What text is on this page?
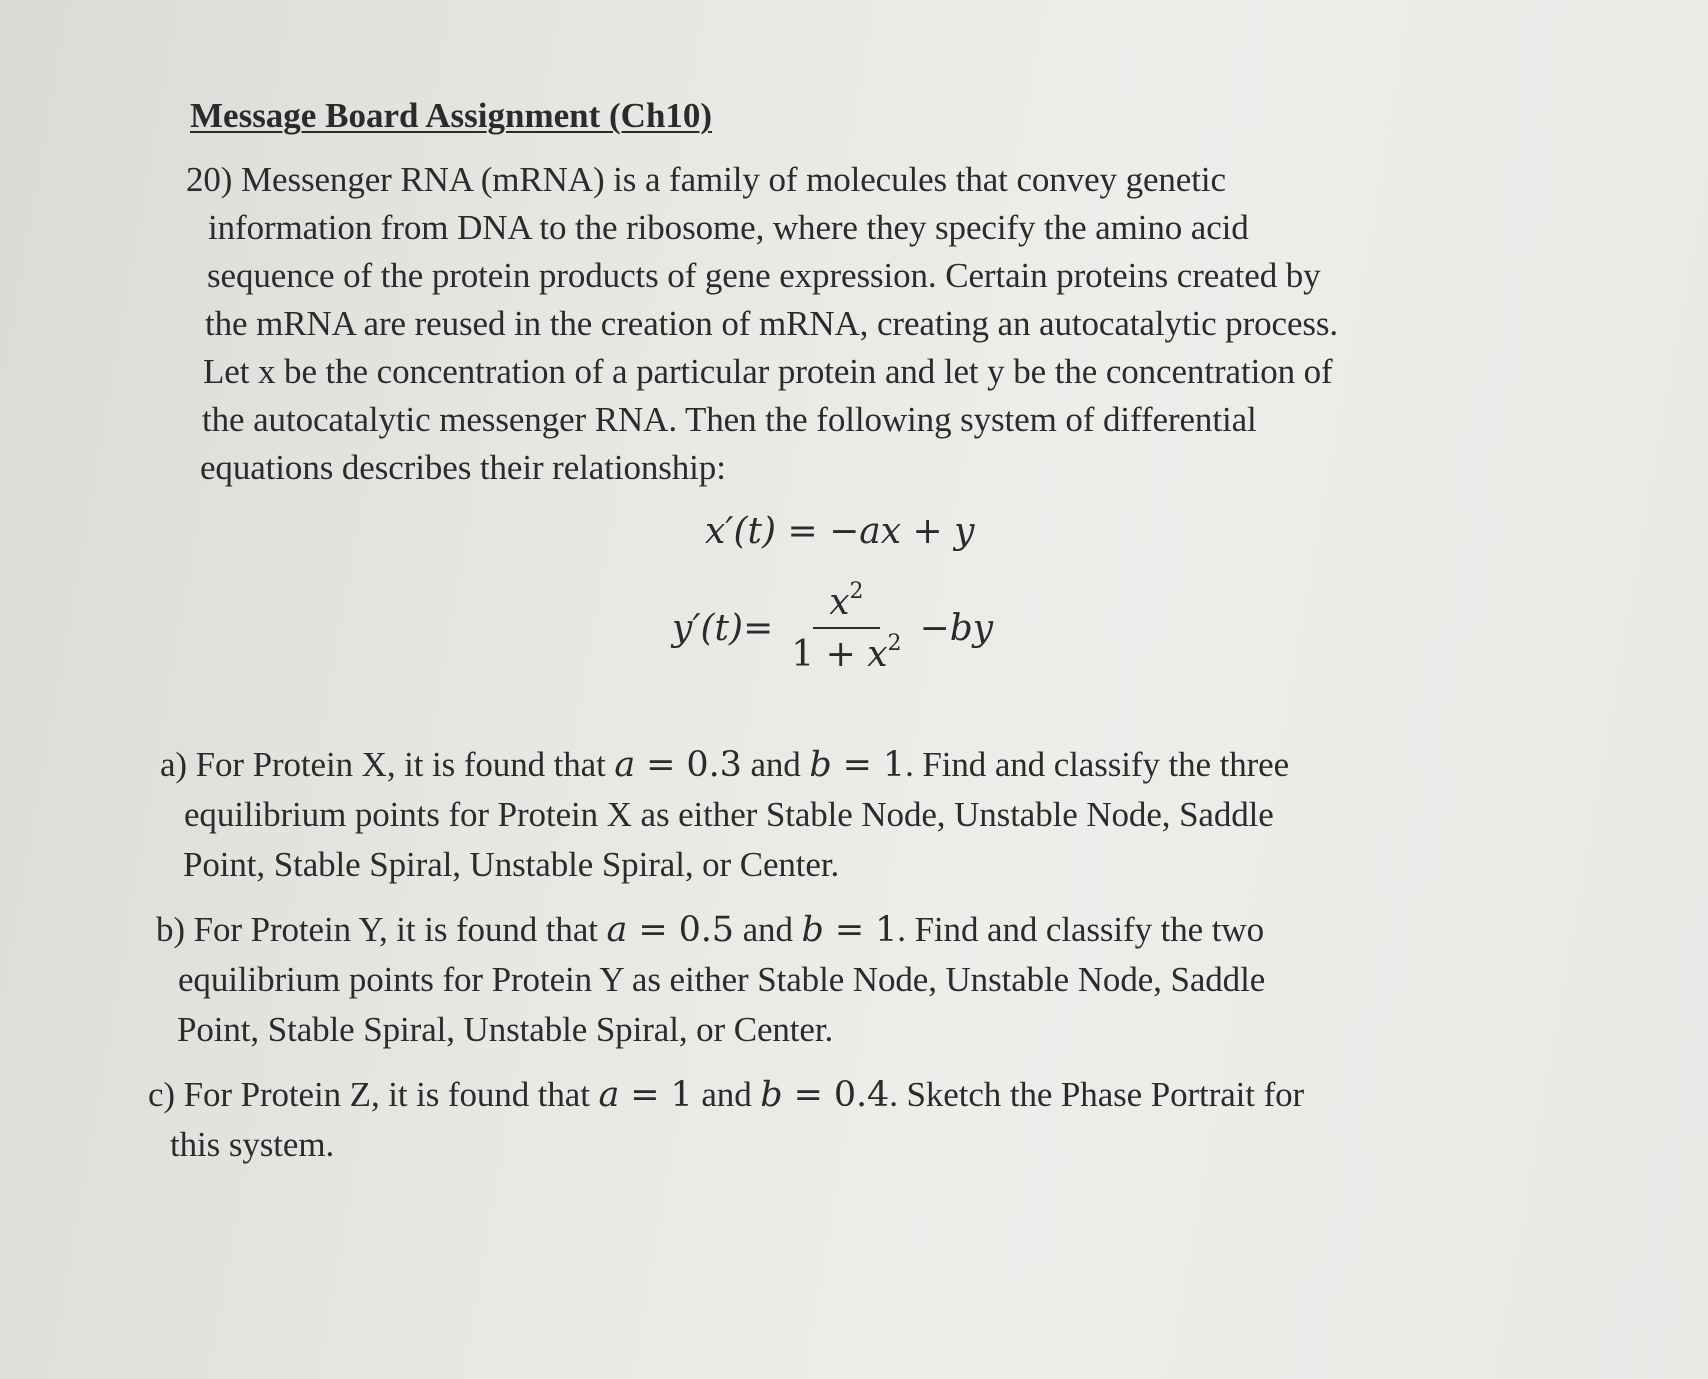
Message Board Assignment (Ch10)
20) Messenger RNA (mRNA) is a family of molecules that convey genetic
information from DNA to the ribosome, where they specify the amino acid
sequence of the protein products of gene expression. Certain proteins created by
the mRNA are reused in the creation of mRNA, creating an autocatalytic process.
Let x be the concentration of a particular protein and let y be the concentration of
the autocatalytic messenger RNA. Then the following system of differential
equations describes their relationship:
x′(t) = −ax + y
$y'(t) = \frac{x^2}{1 + x^2}$ − by
a) For Protein X, it is found that a = 0.3 and b = 1. Find and classify the three
equilibrium points for Protein X as either Stable Node, Unstable Node, Saddle
Point, Stable Spiral, Unstable Spiral, or Center.
b) For Protein Y, it is found that a = 0.5 and b = 1. Find and classify the two
equilibrium points for Protein Y as either Stable Node, Unstable Node, Saddle
Point, Stable Spiral, Unstable Spiral, or Center.
c) For Protein Z, it is found that a = 1 and b = 0.4. Sketch the Phase Portrait for
this system.
